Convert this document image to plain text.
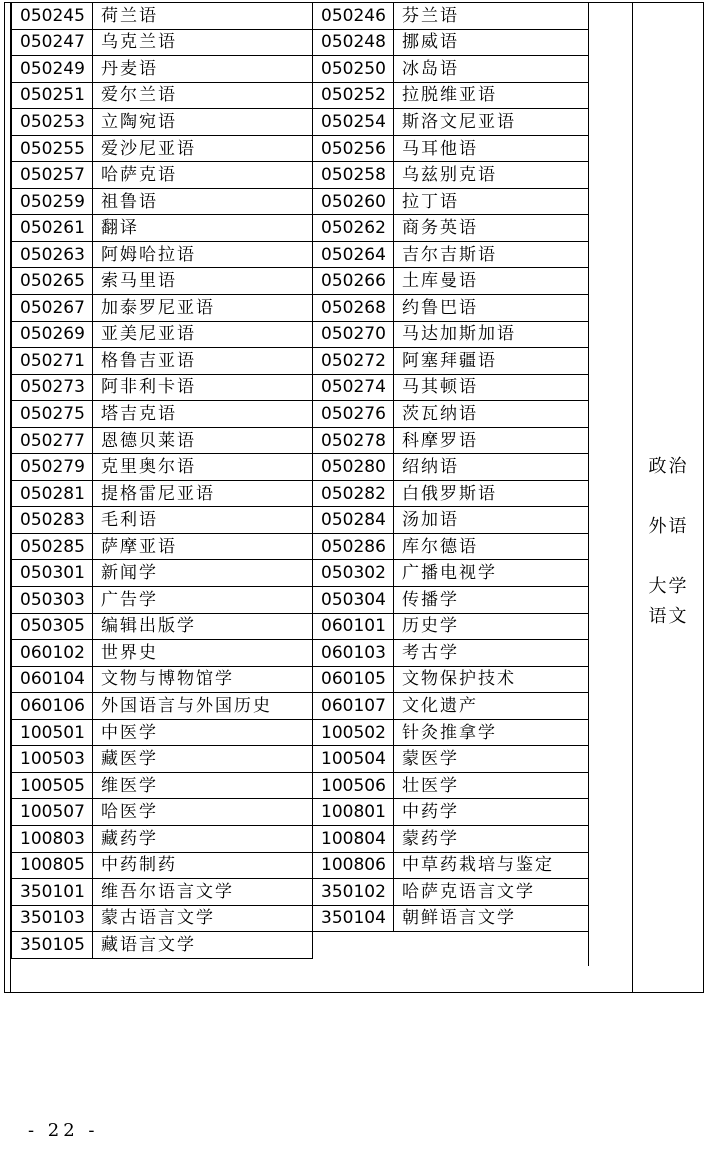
050245	荷兰语	050246	芬兰语
050247	乌克兰语	050248	挪威语
050249	丹麦语	050250	冰岛语
050251	爱尔兰语	050252	拉脱维亚语
050253	立陶宛语	050254	斯洛文尼亚语
050255	爱沙尼亚语	050256	马耳他语
050257	哈萨克语	050258	乌兹别克语
050259	祖鲁语	050260	拉丁语
050261	翻译	050262	商务英语
050263	阿姆哈拉语	050264	吉尔吉斯语
050265	索马里语	050266	土库曼语
050267	加泰罗尼亚语	050268	约鲁巴语
050269	亚美尼亚语	050270	马达加斯加语
050271	格鲁吉亚语	050272	阿塞拜疆语
050273	阿非利卡语	050274	马其顿语
050275	塔吉克语	050276	茨瓦纳语
050277	恩德贝莱语	050278	科摩罗语
050279	克里奥尔语	050280	绍纳语
050281	提格雷尼亚语	050282	白俄罗斯语
050283	毛利语	050284	汤加语
050285	萨摩亚语	050286	库尔德语
050301	新闻学	050302	广播电视学
050303	广告学	050304	传播学
050305	编辑出版学	060101	历史学
060102	世界史	060103	考古学
060104	文物与博物馆学	060105	文物保护技术
060106	外国语言与外国历史	060107	文化遗产
100501	中医学	100502	针灸推拿学
100503	藏医学	100504	蒙医学
100505	维医学	100506	壮医学
100507	哈医学	100801	中药学
100803	藏药学	100804	蒙药学
100805	中药制药	100806	中草药栽培与鉴定
350101	维吾尔语言文学	350102	哈萨克语言文学
350103	蒙古语言文学	350104	朝鲜语言文学
350105	藏语言文学		
政治
外语
大学
语文
- 22 -
